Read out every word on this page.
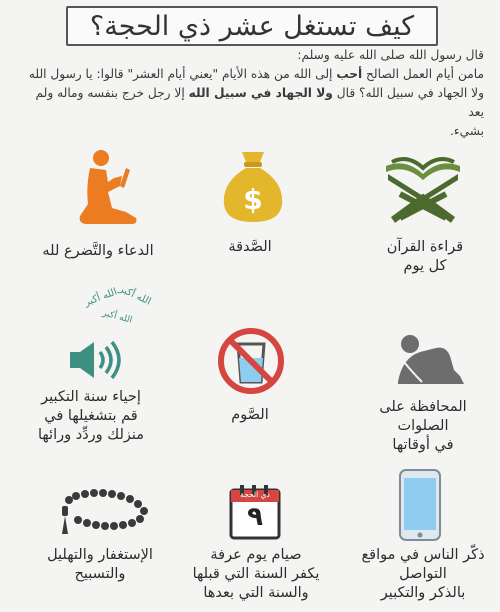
كيف تستغل عشر ذي الحجة؟

قال رسول الله صلى الله عليه وسلم:

مامن أيام العمل الصالح أحب إلى الله من هذه الأيام "يعني أيام العشر" قالوا: يا رسول الله

ولا الجهاد في سبيل الله؟ قال ولا الجهاد في سبيل الله إلا رجل خرج بنفسه وماله ولم يعد

بشيء.

قراءة القرآن
كل يوم
$
الصَّدقة
الدعاء والتَّضرع لله
المحافظة على الصلوات
في أوقاتها
الصَّوم
الله أكبر
الله أكبر
الله أكبر
إحياء سنة التكبير
قم بتشغيلها في
منزلك وردِّد ورائها
ذكّر الناس في مواقع
التواصل
بالذكر والتكبير
ذي الحجة
٩
صيام يوم عرفة
يكفر السنة التي قبلها
والسنة التي بعدها
الإستغفار والتهليل
والتسبيح
